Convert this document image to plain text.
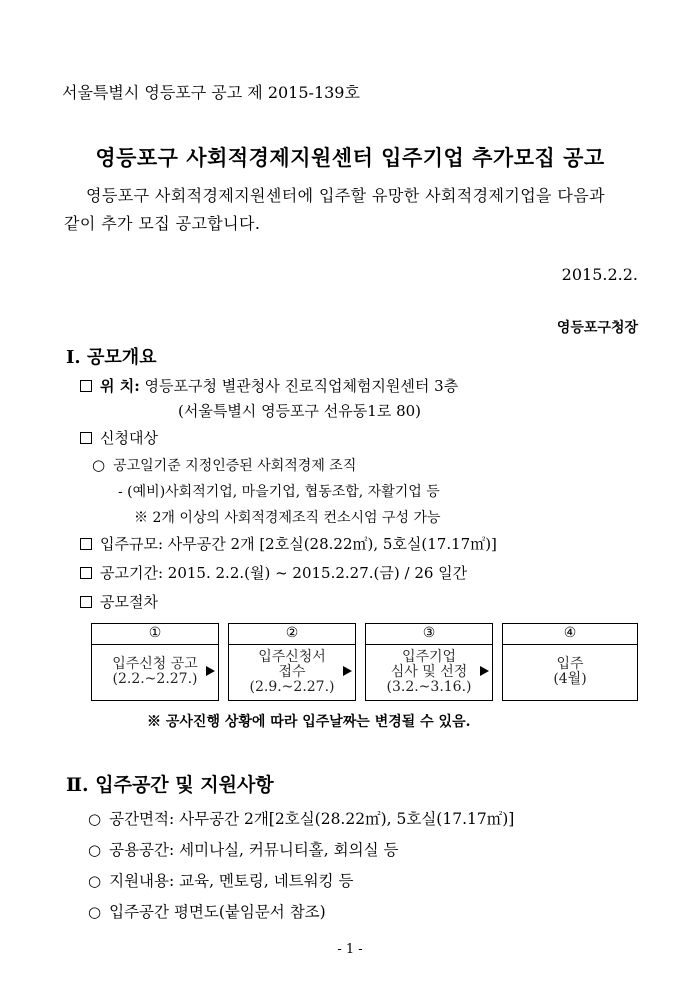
서울특별시 영등포구 공고 제 2015-139호
영등포구 사회적경제지원센터 입주기업 추가모집 공고
영등포구 사회적경제지원센터에 입주할 유망한 사회적경제기업을 다음과
같이 추가 모집 공고합니다.
2015.2.2.
영등포구청장
Ⅰ. 공모개요
위 치: 영등포구청 별관청사 진로직업체험지원센터 3층
(서울특별시 영등포구 선유동1로 80)
신청대상
○ 공고일기준 지정인증된 사회적경제 조직
- (예비)사회적기업, 마을기업, 협동조합, 자활기업 등
※ 2개 이상의 사회적경제조직 컨소시엄 구성 가능
입주규모: 사무공간 2개 [2호실(28.22㎡), 5호실(17.17㎡)]
공고기간: 2015. 2.2.(월) ~ 2015.2.27.(금) / 26 일간
공모절차
①
입주신청 공고
(2.2.~2.27.)
②
입주신청서
접수
(2.9.~2.27.)
③
입주기업
심사 및 선정
(3.2.~3.16.)
④
입주
(4월)
※ 공사진행 상황에 따라 입주날짜는 변경될 수 있음.
Ⅱ. 입주공간 및 지원사항
○ 공간면적: 사무공간 2개[2호실(28.22㎡), 5호실(17.17㎡)]
○ 공용공간: 세미나실, 커뮤니티홀, 회의실 등
○ 지원내용: 교육, 멘토링, 네트워킹 등
○ 입주공간 평면도(붙임문서 참조)
- 1 -
